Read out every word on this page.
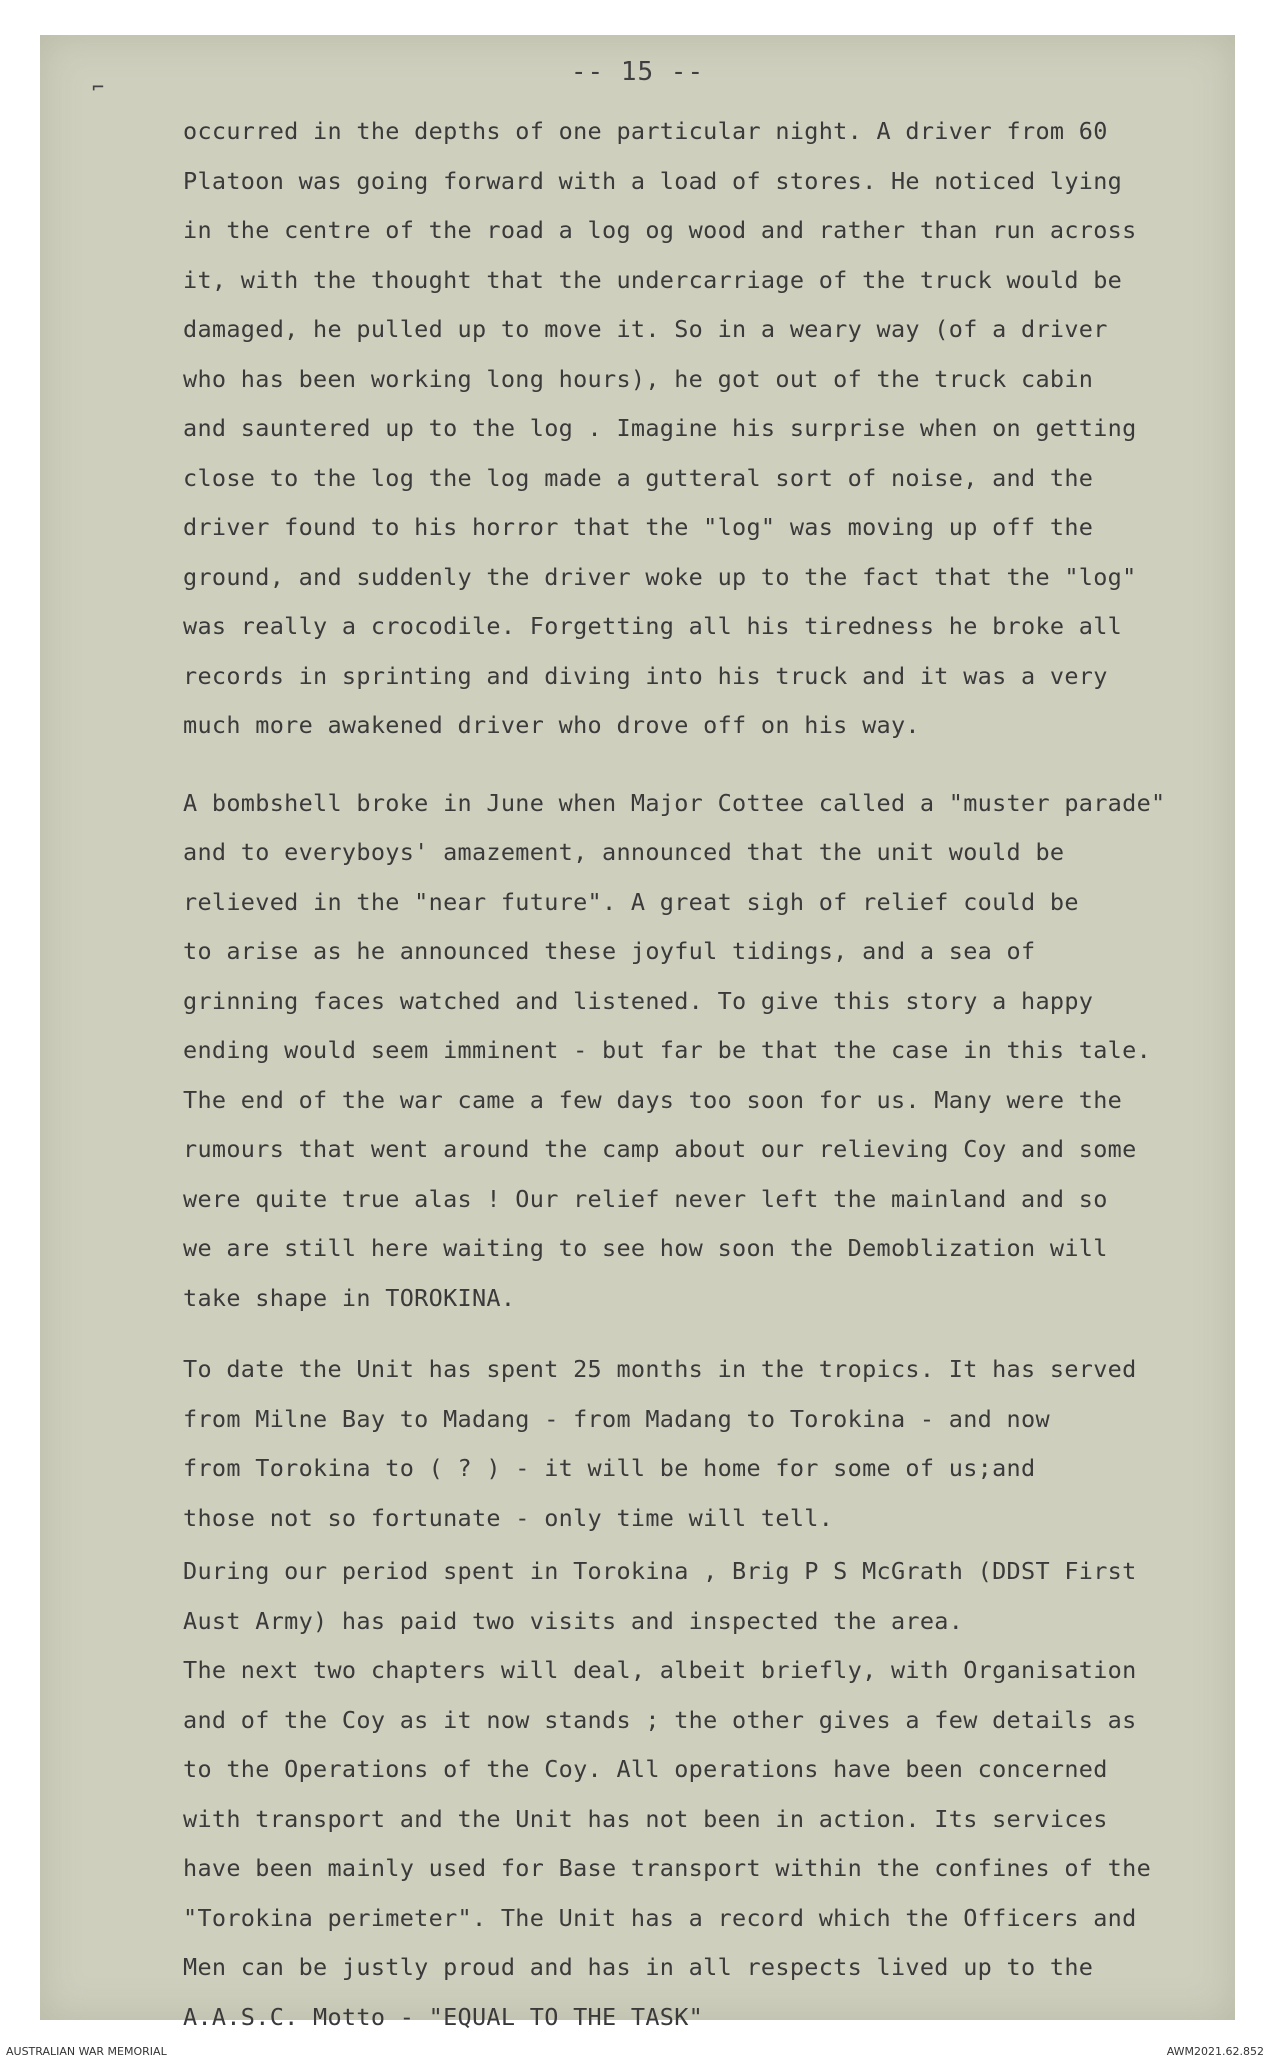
-- 15 --
⌐
occurred in the depths of one particular night. A driver from 60
Platoon was going forward with a load of stores. He noticed lying
in the centre of the road a log og wood and rather than run across
it, with the thought that the undercarriage of the truck would be
damaged, he pulled up to move it. So in a weary way (of a driver
who has been working long hours), he got out of the truck cabin
and sauntered up to the log . Imagine his surprise when on getting
close to the log the log made a gutteral sort of noise, and the
driver found to his horror that the "log" was moving up off the
ground, and suddenly the driver woke up to the fact that the "log"
was really a crocodile. Forgetting all his tiredness he broke all
records in sprinting and diving into his truck and it was a very
much more awakened driver who drove off on his way.
A bombshell broke in June when Major Cottee called a "muster parade"
and to everyboys' amazement, announced that the unit would be
relieved in the "near future". A great sigh of relief could be
to arise as he announced these joyful tidings, and a sea of
grinning faces watched and listened. To give this story a happy
ending would seem imminent - but far be that the case in this tale.
The end of the war came a few days too soon for us. Many were the
rumours that went around the camp about our relieving Coy and some
were quite true alas ! Our relief never left the mainland and so
we are still here waiting to see how soon the Demoblization will
take shape in TOROKINA.
To date the Unit has spent 25 months in the tropics. It has served
from Milne Bay to Madang - from Madang to Torokina - and now
from Torokina to ( ? ) - it will be home for some of us;and
those not so fortunate - only time will tell.
During our period spent in Torokina , Brig P S McGrath (DDST First
Aust Army) has paid two visits and inspected the area.
The next two chapters will deal, albeit briefly, with Organisation
and of the Coy as it now stands ; the other gives a few details as
to the Operations of the Coy. All operations have been concerned
with transport and the Unit has not been in action. Its services
have been mainly used for Base transport within the confines of the
"Torokina perimeter". The Unit has a record which the Officers and
Men can be justly proud and has in all respects lived up to the
A.A.S.C. Motto - "EQUAL TO THE TASK"
AUSTRALIAN WAR MEMORIAL	AWM2021.62.852
